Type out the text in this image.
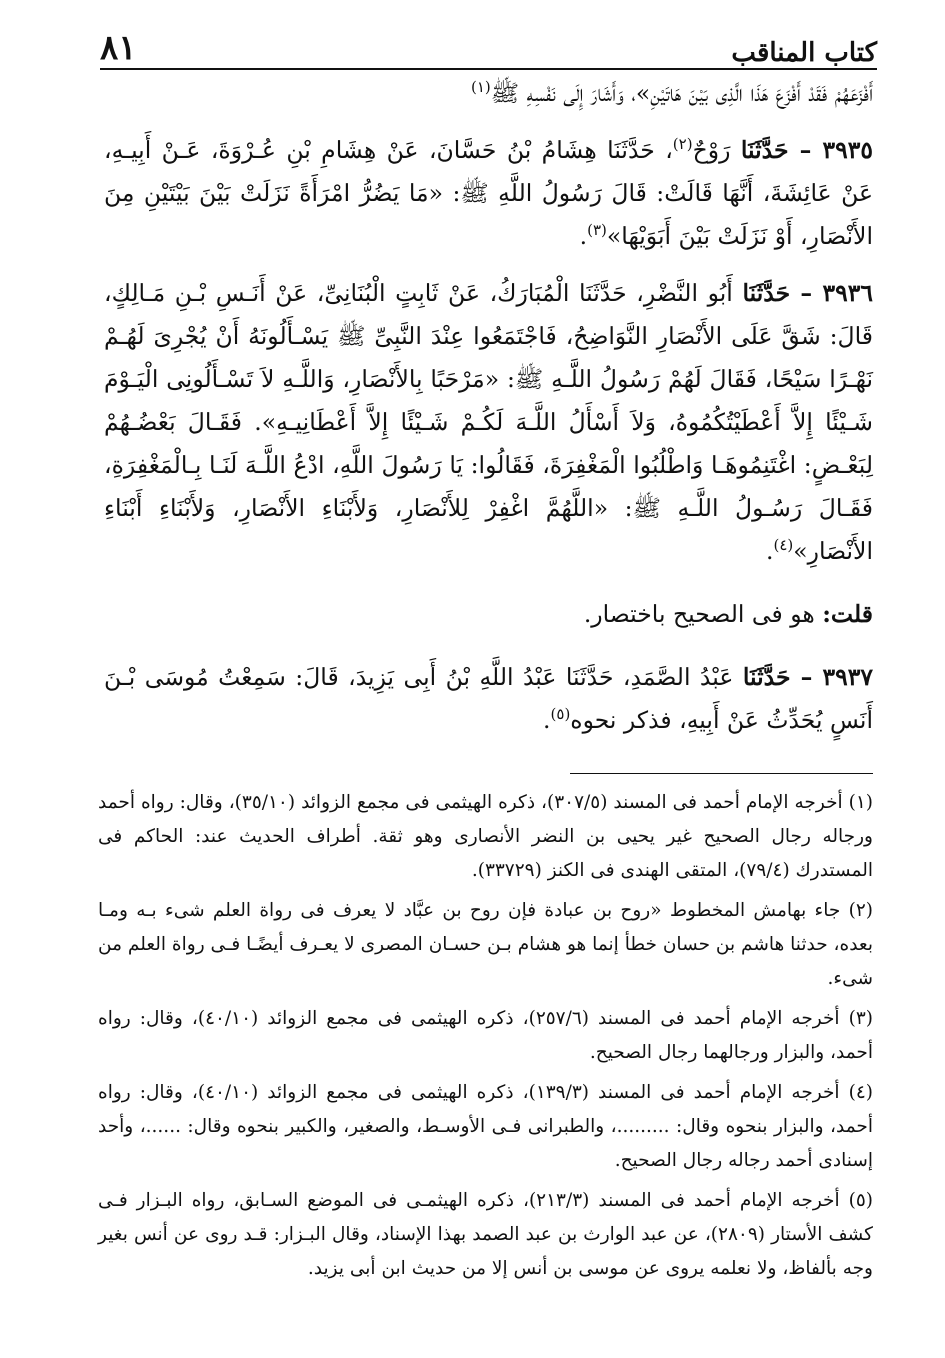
كتاب المناقب
٨١

أَفْزَعَهُمْ فَقَدْ أَفْزَعَ هَذَا الَّذِى بَيْنَ هَاتَيْنِ»، وَأَشَارَ إِلَى نَفْسِهِ ﷺ$^{(١)}$

٣٩٣٥ – حَدَّثَنَا رَوْحٌ$^{(٢)}$، حَدَّثَنَا هِشَامُ بْنُ حَسَّانَ، عَنْ هِشَامِ بْنِ عُـرْوَةَ، عَـنْ أَبِيـهِ، عَنْ عَائِشَةَ، أَنَّهَا قَالَتْ: قَالَ رَسُولُ اللَّهِ ﷺ: «مَا يَضُرُّ امْرَأَةً نَزَلَتْ بَيْنَ بَيْتَيْنِ مِنَ الأَنْصَارِ، أَوْ نَزَلَتْ بَيْنَ أَبَوَيْهَا»$^{(٣)}$.

٣٩٣٦ – حَدَّثَنَا أَبُو النَّضْرِ، حَدَّثَنَا الْمُبَارَكُ، عَنْ ثَابِتٍ الْبُنَانِىِّ، عَنْ أَنَـسِ بْـنِ مَـالِكٍ، قَالَ: شَقَّ عَلَى الأَنْصَارِ النَّوَاضِحُ، فَاجْتَمَعُوا عِنْدَ النَّبِىِّ ﷺ يَسْـأَلُونَهُ أَنْ يُجْرِىَ لَهُـمْ نَهْـرًا سَيْحًا، فَقَالَ لَهُمْ رَسُولُ اللَّـهِ ﷺ: «مَرْحَبًا بِالأَنْصَارِ، وَاللَّـهِ لاَ تَسْـأَلُونِى الْيَـوْمَ شَـيْئًا إِلاَّ أَعْطَيْتُكُمُوهُ، وَلاَ أَسْأَلُ اللَّـهَ لَكُـمْ شَـيْئًا إِلاَّ أَعْطَانِيـهِ». فَقَـالَ بَعْضُـهُمْ لِبَعْـضٍ: اغْتَنِمُوهَـا وَاطْلُبُوا الْمَغْفِرَةَ، فَقَالُوا: يَا رَسُولَ اللَّهِ، ادْعُ اللَّـهَ لَنَـا بِـالْمَغْفِرَةِ، فَقَـالَ رَسُـولُ اللَّـهِ ﷺ: «اللَّهُمَّ اغْفِرْ لِلأَنْصَارِ، وَلأَبْنَاءِ الأَنْصَارِ، وَلأَبْنَاءِ أَبْنَاءِ الأَنْصَارِ»$^{(٤)}$.

قلت: هو فى الصحيح باختصار.

٣٩٣٧ – حَدَّثَنَا عَبْدُ الصَّمَدِ، حَدَّثَنَا عَبْدُ اللَّهِ بْنُ أَبِى يَزِيدَ، قَالَ: سَمِعْتُ مُوسَى بْـنَ أَنَسٍ يُحَدِّثُ عَنْ أَبِيهِ، فذكر نحوه$^{(٥)}$.

(١) أخرجه الإمام أحمد فى المسند (٣٠٧/٥)، ذكره الهيثمى فى مجمع الزوائد (٣٥/١٠)، وقال: رواه أحمد ورجاله رجال الصحيح غير يحيى بن النضر الأنصارى وهو ثقة. أطراف الحديث عند: الحاكم فى المستدرك (٧٩/٤)، المتقى الهندى فى الكنز (٣٣٧٢٩).

(٢) جاء بهامش المخطوط «روح بن عبادة فإن روح بن عبَّاد لا يعرف فى رواة العلم شىء بـه ومـا بعده، حدثنا هاشم بن حسان خطأ إنما هو هشام بـن حسـان المصرى لا يعـرف أيضًـا فـى رواة العلم من شىء.

(٣) أخرجه الإمام أحمد فى المسند (٢٥٧/٦)، ذكره الهيثمى فى مجمع الزوائد (٤٠/١٠)، وقال: رواه أحمد، والبزار ورجالهما رجال الصحيح.

(٤) أخرجه الإمام أحمد فى المسند (١٣٩/٣)، ذكره الهيثمى فى مجمع الزوائد (٤٠/١٠)، وقال: رواه أحمد، والبزار بنحوه وقال: .........، والطبرانى فـى الأوسـط، والصغير، والكبير بنحوه وقال: ......، وأحد إسنادى أحمد رجاله رجال الصحيح.

(٥) أخرجه الإمام أحمد فى المسند (٢١٣/٣)، ذكره الهيثمـى فى الموضع السـابق، رواه البـزار فـى كشف الأستار (٢٨٠٩)، عن عبد الوارث بن عبد الصمد بهذا الإسناد، وقال البـزار: قـد روى عن أنس بغير وجه بألفاظ، ولا نعلمه يروى عن موسى بن أنس إلا من حديث ابن أبى يزيد.
